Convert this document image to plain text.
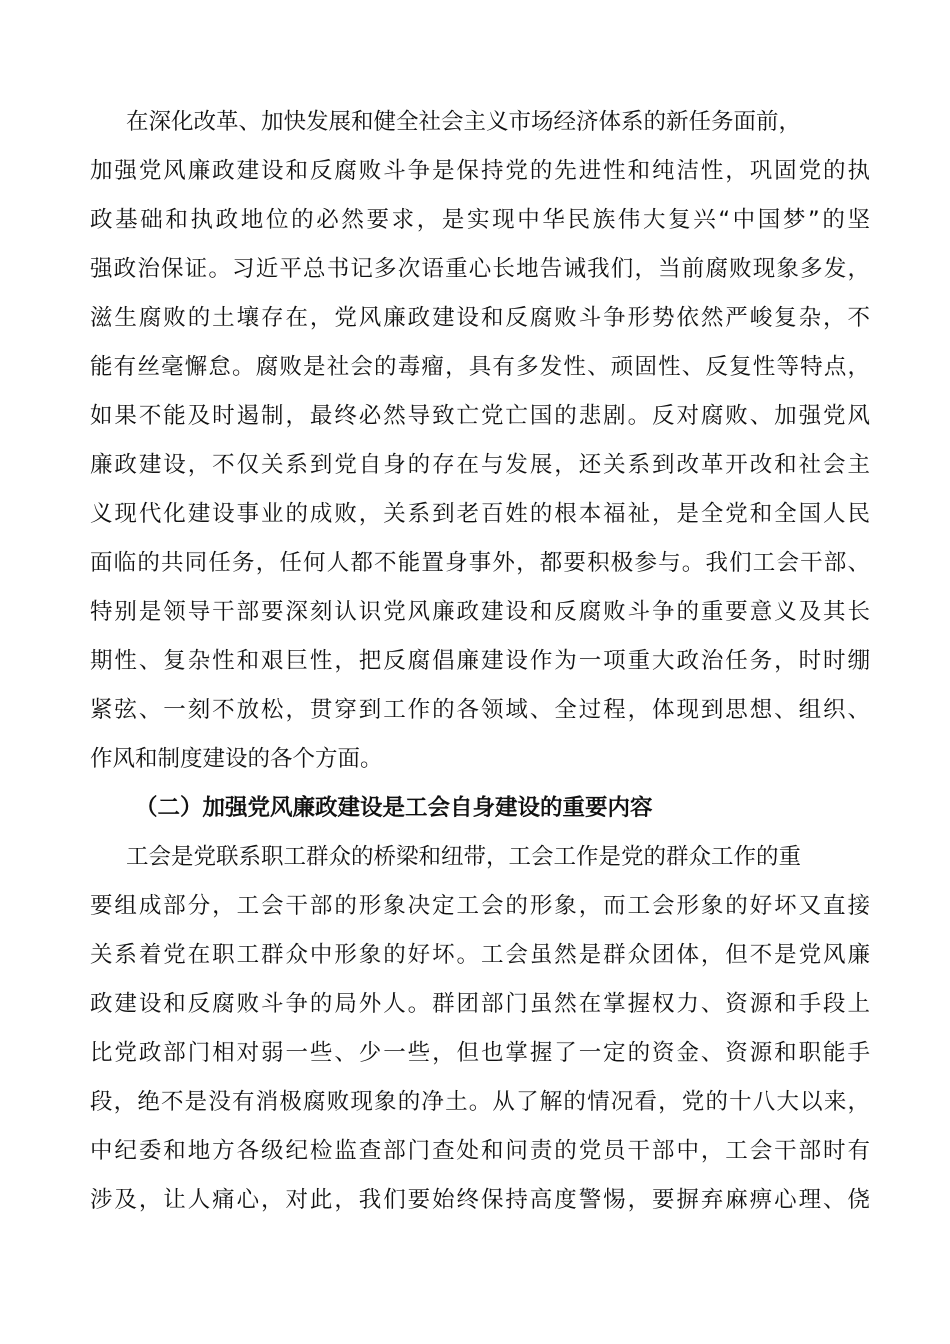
在深化改革、加快发展和健全社会主义市场经济体系的新任务面前，
加强党风廉政建设和反腐败斗争是保持党的先进性和纯洁性，巩固党的执
政基础和执政地位的必然要求，是实现中华民族伟大复兴“中国梦”的坚
强政治保证。习近平总书记多次语重心长地告诫我们，当前腐败现象多发，
滋生腐败的土壤存在，党风廉政建设和反腐败斗争形势依然严峻复杂，不
能有丝毫懈怠。腐败是社会的毒瘤，具有多发性、顽固性、反复性等特点，
如果不能及时遏制，最终必然导致亡党亡国的悲剧。反对腐败、加强党风
廉政建设，不仅关系到党自身的存在与发展，还关系到改革开改和社会主
义现代化建设事业的成败，关系到老百姓的根本福祉，是全党和全国人民
面临的共同任务，任何人都不能置身事外，都要积极参与。我们工会干部、
特别是领导干部要深刻认识党风廉政建设和反腐败斗争的重要意义及其长
期性、复杂性和艰巨性，把反腐倡廉建设作为一项重大政治任务，时时绷
紧弦、一刻不放松，贯穿到工作的各领域、全过程，体现到思想、组织、
作风和制度建设的各个方面。
（二）加强党风廉政建设是工会自身建设的重要内容
工会是党联系职工群众的桥梁和纽带，工会工作是党的群众工作的重
要组成部分，工会干部的形象决定工会的形象，而工会形象的好坏又直接
关系着党在职工群众中形象的好坏。工会虽然是群众团体，但不是党风廉
政建设和反腐败斗争的局外人。群团部门虽然在掌握权力、资源和手段上
比党政部门相对弱一些、少一些，但也掌握了一定的资金、资源和职能手
段，绝不是没有消极腐败现象的净土。从了解的情况看，党的十八大以来，
中纪委和地方各级纪检监查部门查处和问责的党员干部中，工会干部时有
涉及，让人痛心，对此，我们要始终保持高度警惕，要摒弃麻痹心理、侥
